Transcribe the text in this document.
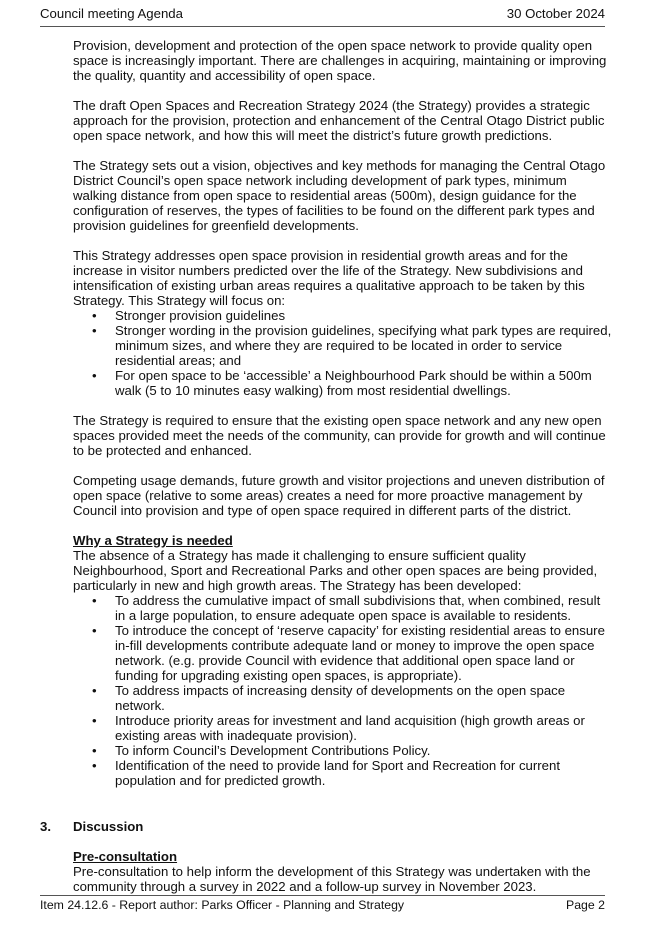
Council meeting Agenda	30 October 2024

Provision, development and protection of the open space network to provide quality open space is increasingly important. There are challenges in acquiring, maintaining or improving the quality, quantity and accessibility of open space.

The draft Open Spaces and Recreation Strategy 2024 (the Strategy) provides a strategic approach for the provision, protection and enhancement of the Central Otago District public open space network, and how this will meet the district’s future growth predictions.

The Strategy sets out a vision, objectives and key methods for managing the Central Otago District Council’s open space network including development of park types, minimum walking distance from open space to residential areas (500m), design guidance for the configuration of reserves, the types of facilities to be found on the different park types and provision guidelines for greenfield developments.

This Strategy addresses open space provision in residential growth areas and for the increase in visitor numbers predicted over the life of the Strategy. New subdivisions and intensification of existing urban areas requires a qualitative approach to be taken by this Strategy. This Strategy will focus on:

• Stronger provision guidelines
• Stronger wording in the provision guidelines, specifying what park types are required, minimum sizes, and where they are required to be located in order to service residential areas; and
• For open space to be ‘accessible’ a Neighbourhood Park should be within a 500m walk (5 to 10 minutes easy walking) from most residential dwellings.

The Strategy is required to ensure that the existing open space network and any new open spaces provided meet the needs of the community, can provide for growth and will continue to be protected and enhanced.

Competing usage demands, future growth and visitor projections and uneven distribution of open space (relative to some areas) creates a need for more proactive management by Council into provision and type of open space required in different parts of the district.

Why a Strategy is needed

The absence of a Strategy has made it challenging to ensure sufficient quality Neighbourhood, Sport and Recreational Parks and other open spaces are being provided, particularly in new and high growth areas. The Strategy has been developed:

• To address the cumulative impact of small subdivisions that, when combined, result in a large population, to ensure adequate open space is available to residents.
• To introduce the concept of ‘reserve capacity’ for existing residential areas to ensure in-fill developments contribute adequate land or money to improve the open space network. (e.g. provide Council with evidence that additional open space land or funding for upgrading existing open spaces, is appropriate).
• To address impacts of increasing density of developments on the open space network.
• Introduce priority areas for investment and land acquisition (high growth areas or existing areas with inadequate provision).
• To inform Council’s Development Contributions Policy.
• Identification of the need to provide land for Sport and Recreation for current population and for predicted growth.
3. Discussion
Pre-consultation

Pre-consultation to help inform the development of this Strategy was undertaken with the community through a survey in 2022 and a follow-up survey in November 2023.

Item 24.12.6 - Report author: Parks Officer - Planning and Strategy	Page 2
